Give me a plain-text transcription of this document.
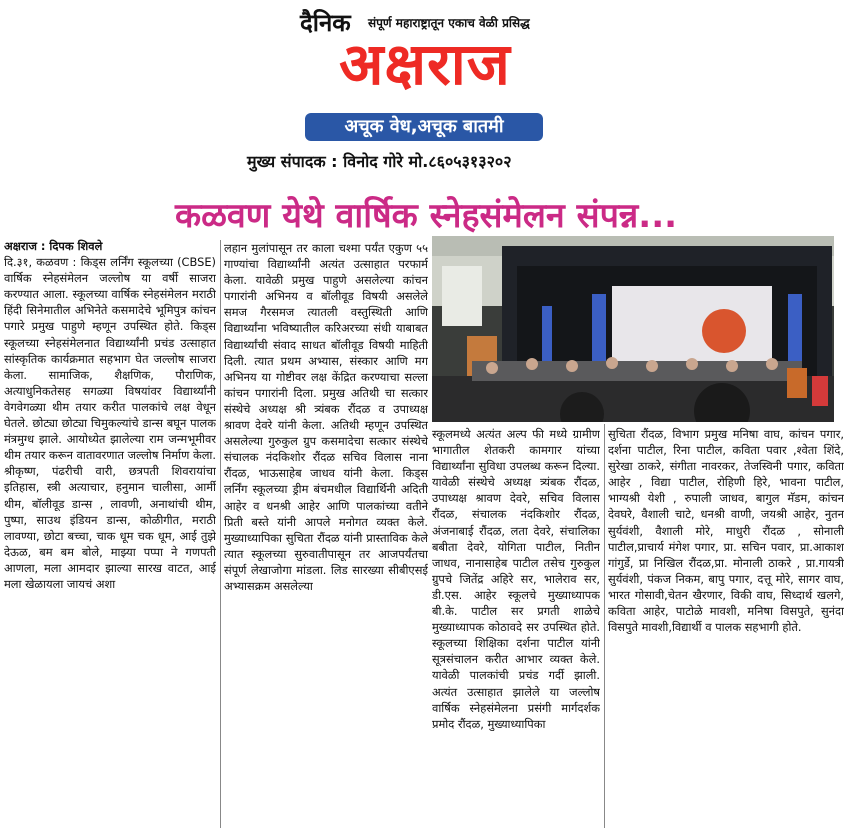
दैनिक संपूर्ण महाराष्ट्रातून एकाच वेळी प्रसिद्ध
अक्षराज
अचूक वेध,अचूक बातमी
मुख्य संपादक : विनोद गोरे मो.८६०५३१३२०२
कळवण येथे वार्षिक स्नेहसंमेलन संपन्न...

अक्षराज : दिपक शिवले

दि.३१, कळवण : किड्स लर्निंग स्कूलच्या (CBSE) वार्षिक स्नेहसंमेलन जल्लोष या वर्षी साजरा करण्यात आला. स्कूलच्या वार्षिक स्नेहसंमेलन मराठी हिंदी सिनेमातील अभिनेते कसमादेचे भूमिपुत्र कांचन पगारे प्रमुख पाहुणे म्हणून उपस्थित होते. किड्स स्कूलच्या स्नेहसंमेलनात विद्यार्थ्यांनी प्रचंड उत्साहात सांस्कृतिक कार्यक्रमात सहभाग घेत जल्लोष साजरा केला. सामाजिक, शैक्षणिक, पौराणिक, अत्याधुनिकतेसह सगळ्या विषयांवर विद्यार्थ्यांनी वेगवेगळ्या थीम तयार करीत पालकांचे लक्ष वेधून घेतले. छोट्या छोट्या चिमुकल्यांचे डान्स बघून पालक मंत्रमुग्ध झाले. आयोध्येत झालेल्या राम जन्मभूमीवर थीम तयार करून वातावरणात जल्लोष निर्माण केला. श्रीकृष्ण, पंढरीची वारी, छत्रपती शिवरायांचा इतिहास, स्त्री अत्याचार, हनुमान चालीसा, आर्मी थीम, बॉलीवूड डान्स , लावणी, अनाथांची थीम, पुष्पा, साउथ इंडियन डान्स, कोळीगीत, मराठी लावण्या, छोटा बच्चा, चाक धूम चक धूम, आई तुझे देऊळ, बम बम बोले, माझ्या पप्पा ने गणपती आणला, मला आमदार झाल्या सारख वाटत, आई मला खेळायला जायचं अशा

लहान मुलांपासून तर काला चश्मा पर्यंत एकुण ५५ गाण्यांचा विद्यार्थ्यांनी अत्यंत उत्साहात परफार्म केला. यावेळी प्रमुख पाहुणे असलेल्या कांचन पगारांनी अभिनय व बॉलीवूड विषयी असलेले समज गैरसमज त्यातली वस्तुस्थिती आणि विद्यार्थ्यांना भविष्यातील करिअरच्या संधी याबाबत विद्यार्थ्यांची संवाद साधत बॉलीवूड विषयी माहिती दिली. त्यात प्रथम अभ्यास, संस्कार आणि मग अभिनय या गोष्टीवर लक्ष केंद्रित करण्याचा सल्ला कांचन पगारांनी दिला. प्रमुख अतिथी चा सत्कार संस्थेचे अध्यक्ष श्री त्र्यंबक रौंदळ व उपाध्यक्ष श्रावण देवरे यांनी केला. अतिथी म्हणून उपस्थित असलेल्या गुरुकुल ग्रुप कसमादेचा सत्कार संस्थेचे संचालक नंदकिशोर रौंदळ सचिव विलास नाना रौंदळ, भाऊसाहेब जाधव यांनी केला. किड्स लर्निंग स्कूलच्या ड्रीम बंचमधील विद्यार्थिनी अदिती आहेर व धनश्री आहेर आणि पालकांच्या वतीने प्रिती बस्ते यांनी आपले मनोगत व्यक्त केले. मुख्याध्यापिका सुचिता रौंदळ यांनी प्रास्ताविक केले त्यात स्कूलच्या सुरुवातीपासून तर आजपर्यंतचा संपूर्ण लेखाजोगा मांडला. लिड सारख्या सीबीएसई अभ्यासक्रम असलेल्या

स्कूलमध्ये अत्यंत अल्प फी मध्ये ग्रामीण भागातील शेतकरी कामगार यांच्या विद्यार्थ्यांना सुविधा उपलब्ध करून दिल्या. यावेळी संस्थेचे अध्यक्ष त्र्यंबक रौंदळ, उपाध्यक्ष श्रावण देवरे, सचिव विलास रौंदळ, संचालक नंदकिशोर रौंदळ, अंजनाबाई रौंदळ, लता देवरे, संचालिका बबीता देवरे, योगिता पाटील, नितीन जाधव, नानासाहेब पाटील तसेच गुरुकुल ग्रुपचे जितेंद्र अहिरे सर, भालेराव सर, डी.एस. आहेर स्कूलचे मुख्याध्यापक बी.के. पाटील सर प्रगती शाळेचे मुख्याध्यापक कोठावदे सर उपस्थित होते. स्कूलच्या शिक्षिका दर्शना पाटील यांनी सूत्रसंचालन करीत आभार व्यक्त केले. यावेळी पालकांची प्रचंड गर्दी झाली. अत्यंत उत्साहात झालेले या जल्लोष वार्षिक स्नेहसंमेलना प्रसंगी मार्गदर्शक प्रमोद रौंदळ, मुख्याध्यापिका

सुचिता रौंदळ, विभाग प्रमुख मनिषा वाघ, कांचन पगार, दर्शना पाटील, रिना पाटील, कविता पवार ,श्वेता शिंदे, सुरेखा ठाकरे, संगीता नावरकर, तेजस्विनी पगार, कविता आहेर , विद्या पाटील, रोहिणी हिरे, भावना पाटील, भाग्यश्री येशी , रुपाली जाधव, बागुल मॅडम, कांचन देवघरे, वैशाली चाटे, धनश्री वाणी, जयश्री आहेर, नुतन सुर्यवंशी, वैशाली मोरे, माधुरी रौंदळ , सोनाली पाटील,प्राचार्य मंगेश पगार, प्रा. सचिन पवार, प्रा.आकाश गांगुर्डे, प्रा निखिल रौंदळ,प्रा. मोनाली ठाकरे , प्रा.गायत्री सुर्यवंशी, पंकज निकम, बापु पगार, दत्तू मोरे, सागर वाघ, भारत गोसावी,चेतन खैरणार, विकी वाघ, सिध्दार्थ खलगे, कविता आहेर, पाटोळे मावशी, मनिषा विसपुते, सुनंदा विसपुते मावशी,विद्यार्थी व पालक सहभागी होते.
